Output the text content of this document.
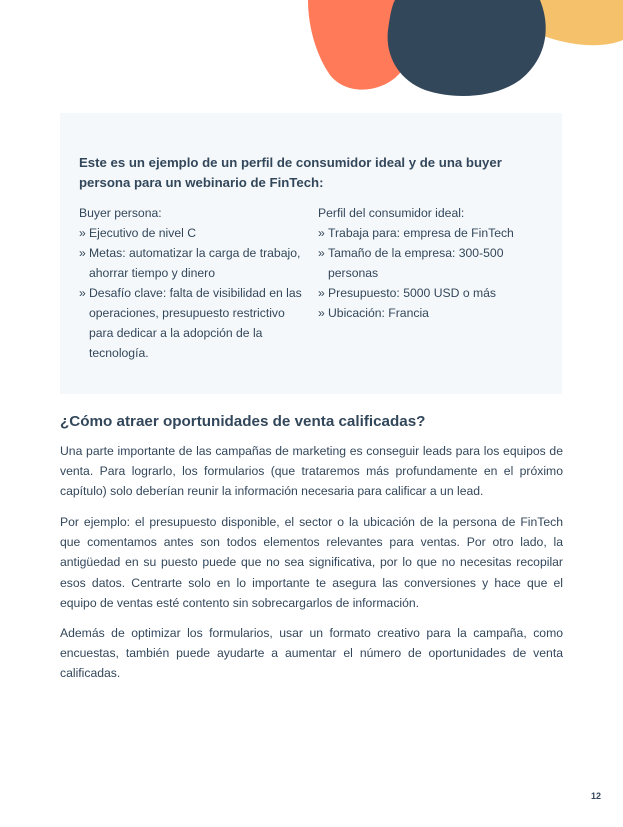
Este es un ejemplo de un perfil de consumidor ideal y de una buyer persona para un webinario de FinTech:
Buyer persona:
» Ejecutivo de nivel C
» Metas: automatizar la carga de trabajo, ahorrar tiempo y dinero
» Desafío clave: falta de visibilidad en las operaciones, presupuesto restrictivo para dedicar a la adopción de la tecnología.
Perfil del consumidor ideal:
» Trabaja para: empresa de FinTech
» Tamaño de la empresa: 300-500 personas
» Presupuesto: 5000 USD o más
» Ubicación: Francia
¿Cómo atraer oportunidades de venta calificadas?

Una parte importante de las campañas de marketing es conseguir leads para los equipos de venta. Para lograrlo, los formularios (que trataremos más profundamente en el próximo capítulo) solo deberían reunir la información necesaria para calificar a un lead.

Por ejemplo: el presupuesto disponible, el sector o la ubicación de la persona de FinTech que comentamos antes son todos elementos relevantes para ventas. Por otro lado, la antigüedad en su puesto puede que no sea significativa, por lo que no necesitas recopilar esos datos. Centrarte solo en lo importante te asegura las conversiones y hace que el equipo de ventas esté contento sin sobrecargarlos de información.

Además de optimizar los formularios, usar un formato creativo para la campaña, como encuestas, también puede ayudarte a aumentar el número de oportunidades de venta calificadas.

12
